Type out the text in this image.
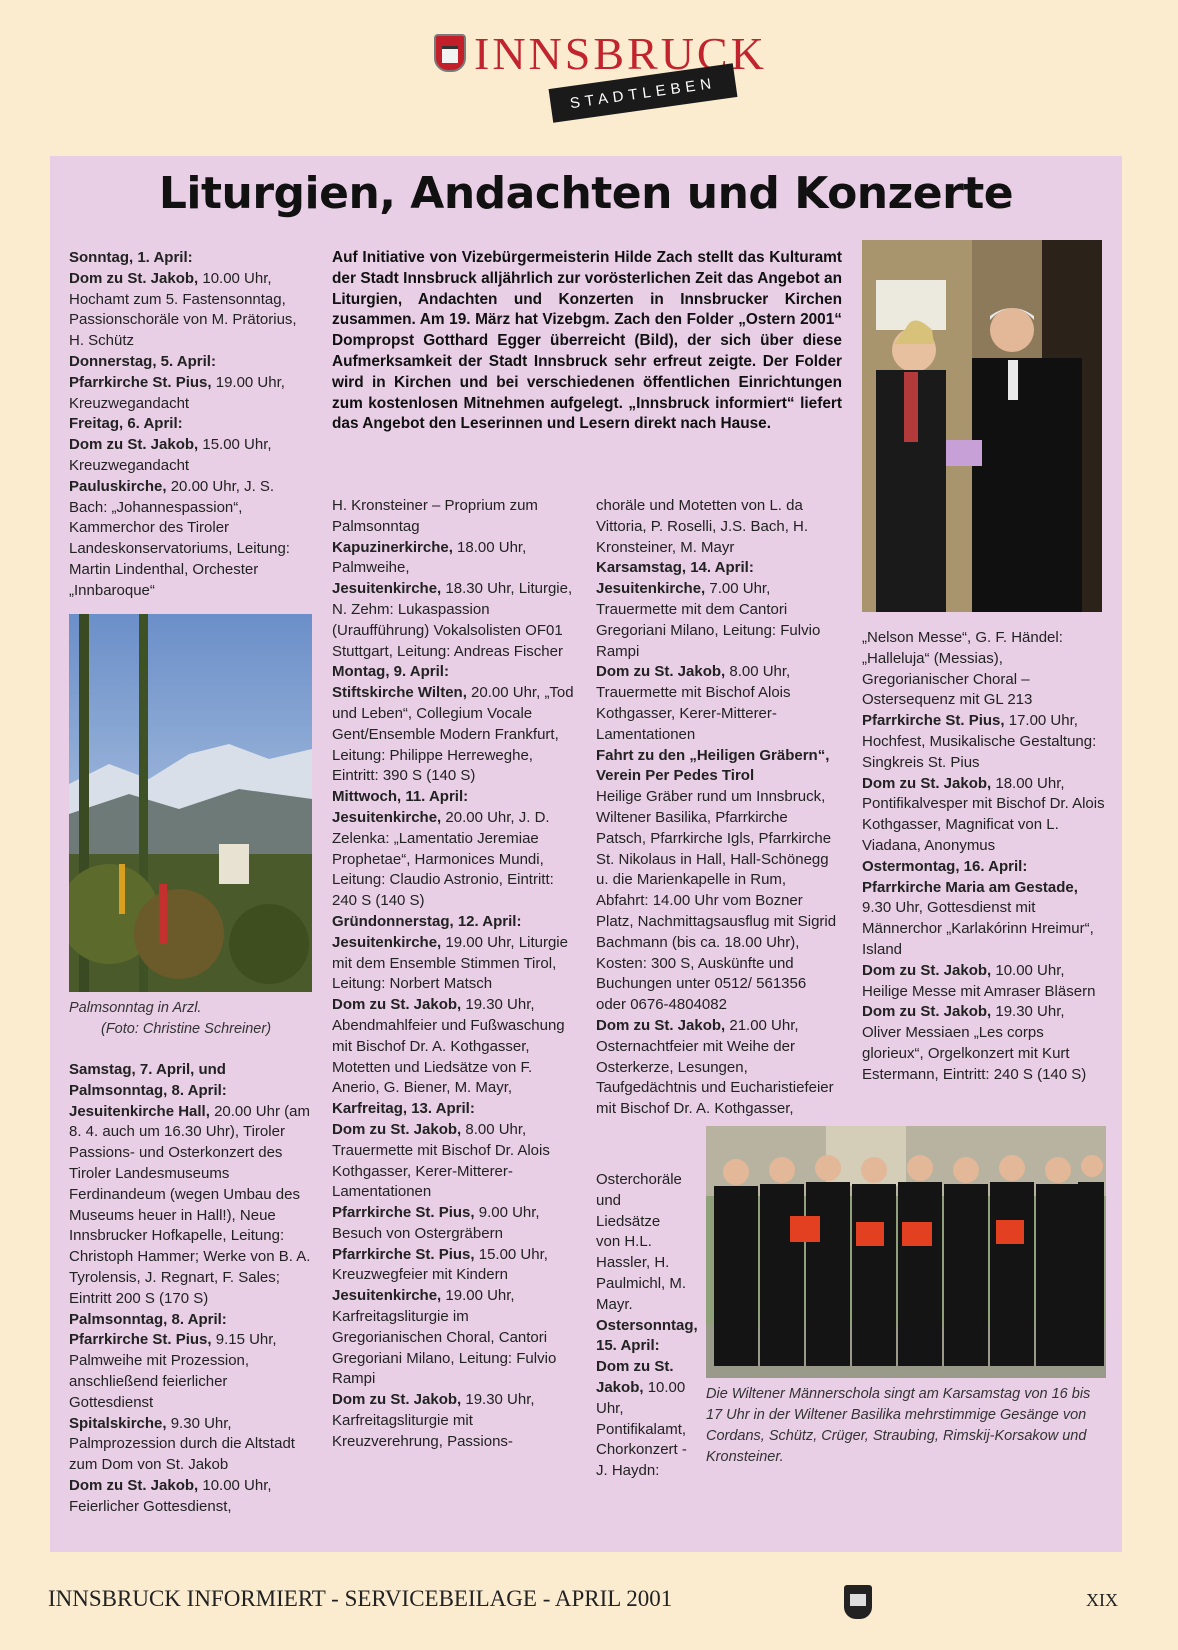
INNSBRUCK
STADTLEBEN
Liturgien, Andachten und Konzerte

Sonntag, 1. April:

Dom zu St. Jakob, 10.00 Uhr, Hochamt zum 5. Fastensonntag, Passionschoräle von M. Prätorius, H. Schütz

Donnerstag, 5. April:

Pfarrkirche St. Pius, 19.00 Uhr, Kreuzwegandacht

Freitag, 6. April:

Dom zu St. Jakob, 15.00 Uhr, Kreuzwegandacht

Pauluskirche, 20.00 Uhr, J. S. Bach: „Johannespassion“, Kammerchor des Tiroler Landeskonservatoriums, Leitung: Martin Lindenthal, Orchester „Innbaroque“

Palmsonntag in Arzl.
(Foto: Christine Schreiner)

Samstag, 7. April, und Palmsonntag, 8. April:

Jesuitenkirche Hall, 20.00 Uhr (am 8. 4. auch um 16.30 Uhr), Tiroler Passions- und Osterkonzert des Tiroler Landesmuseums Ferdinandeum (wegen Umbau des Museums heuer in Hall!), Neue Innsbrucker Hofkapelle, Leitung: Christoph Hammer; Werke von B. A. Tyrolensis, J. Regnart, F. Sales; Eintritt 200 S (170 S)

Palmsonntag, 8. April:

Pfarrkirche St. Pius, 9.15 Uhr, Palmweihe mit Prozession, anschließend feierlicher Gottesdienst

Spitalskirche, 9.30 Uhr, Palmprozession durch die Altstadt zum Dom von St. Jakob

Dom zu St. Jakob, 10.00 Uhr, Feierlicher Gottesdienst,

Auf Initiative von Vizebürgermeisterin Hilde Zach stellt das Kulturamt der Stadt Innsbruck alljährlich zur vorösterlichen Zeit das Angebot an Liturgien, Andachten und Konzerten in Innsbrucker Kirchen zusammen. Am 19. März hat Vizebgm. Zach den Folder „Ostern 2001“ Dompropst Gotthard Egger überreicht (Bild), der sich über diese Aufmerksamkeit der Stadt Innsbruck sehr erfreut zeigte. Der Folder wird in Kirchen und bei verschiedenen öffentlichen Einrichtungen zum kostenlosen Mitnehmen aufgelegt. „Innsbruck informiert“ liefert das Angebot den Leserinnen und Lesern direkt nach Hause.

H. Kronsteiner – Proprium zum Palmsonntag

Kapuzinerkirche, 18.00 Uhr, Palmweihe,

Jesuitenkirche, 18.30 Uhr, Liturgie, N. Zehm: Lukaspassion (Uraufführung) Vokalsolisten OF01 Stuttgart, Leitung: Andreas Fischer

Montag, 9. April:

Stiftskirche Wilten, 20.00 Uhr, „Tod und Leben“, Collegium Vocale Gent/Ensemble Modern Frankfurt, Leitung: Philippe Herreweghe, Eintritt: 390 S (140 S)

Mittwoch, 11. April:

Jesuitenkirche, 20.00 Uhr, J. D. Zelenka: „Lamentatio Jeremiae Prophetae“, Harmonices Mundi, Leitung: Claudio Astronio, Eintritt: 240 S (140 S)

Gründonnerstag, 12. April:

Jesuitenkirche, 19.00 Uhr, Liturgie mit dem Ensemble Stimmen Tirol, Leitung: Norbert Matsch

Dom zu St. Jakob, 19.30 Uhr, Abendmahlfeier und Fußwaschung mit Bischof Dr. A. Kothgasser, Motetten und Liedsätze von F. Anerio, G. Biener, M. Mayr,

Karfreitag, 13. April:

Dom zu St. Jakob, 8.00 Uhr, Trauermette mit Bischof Dr. Alois Kothgasser, Kerer-Mitterer-Lamentationen

Pfarrkirche St. Pius, 9.00 Uhr, Besuch von Ostergräbern

Pfarrkirche St. Pius, 15.00 Uhr, Kreuzwegfeier mit Kindern

Jesuitenkirche, 19.00 Uhr, Karfreitagsliturgie im Gregorianischen Choral, Cantori Gregoriani Milano, Leitung: Fulvio Rampi

Dom zu St. Jakob, 19.30 Uhr, Karfreitagsliturgie mit Kreuzverehrung, Passions-

choräle und Motetten von L. da Vittoria, P. Roselli, J.S. Bach, H. Kronsteiner, M. Mayr

Karsamstag, 14. April:

Jesuitenkirche, 7.00 Uhr, Trauermette mit dem Cantori Gregoriani Milano, Leitung: Fulvio Rampi

Dom zu St. Jakob, 8.00 Uhr, Trauermette mit Bischof Alois Kothgasser, Kerer-Mitterer-Lamentationen

Fahrt zu den „Heiligen Gräbern“, Verein Per Pedes Tirol

Heilige Gräber rund um Innsbruck, Wiltener Basilika, Pfarrkirche Patsch, Pfarrkirche Igls, Pfarrkirche St. Nikolaus in Hall, Hall-Schönegg u. die Marienkapelle in Rum, Abfahrt: 14.00 Uhr vom Bozner Platz, Nachmittagsausflug mit Sigrid Bachmann (bis ca. 18.00 Uhr), Kosten: 300 S, Auskünfte und Buchungen unter 0512/ 561356 oder 0676-4804082

Dom zu St. Jakob, 21.00 Uhr, Osternachtfeier mit Weihe der Osterkerze, Lesungen, Taufgedächtnis und Eucharistiefeier mit Bischof Dr. A. Kothgasser,

Osterchoräle und Liedsätze von H.L. Hassler, H. Paulmichl, M. Mayr.

Ostersonntag, 15. April:

Dom zu St. Jakob, 10.00 Uhr, Pontifikalamt, Chorkonzert - J. Haydn:

„Nelson Messe“, G. F. Händel: „Halleluja“ (Messias), Gregorianischer Choral – Ostersequenz mit GL 213

Pfarrkirche St. Pius, 17.00 Uhr, Hochfest, Musikalische Gestaltung: Singkreis St. Pius

Dom zu St. Jakob, 18.00 Uhr, Pontifikalvesper mit Bischof Dr. Alois Kothgasser, Magnificat von L. Viadana, Anonymus

Ostermontag, 16. April:

Pfarrkirche Maria am Gestade, 9.30 Uhr, Gottesdienst mit Männerchor „Karlakórinn Hreimur“, Island

Dom zu St. Jakob, 10.00 Uhr, Heilige Messe mit Amraser Bläsern

Dom zu St. Jakob, 19.30 Uhr, Oliver Messiaen „Les corps glorieux“, Orgelkonzert mit Kurt Estermann, Eintritt: 240 S (140 S)

Die Wiltener Männerschola singt am Karsamstag von 16 bis 17 Uhr in der Wiltener Basilika mehrstimmige Gesänge von Cordans, Schütz, Crüger, Straubing, Rimskij-Korsakow und Kronsteiner.
INNSBRUCK INFORMIERT - SERVICEBEILAGE - APRIL 2001	XIX
